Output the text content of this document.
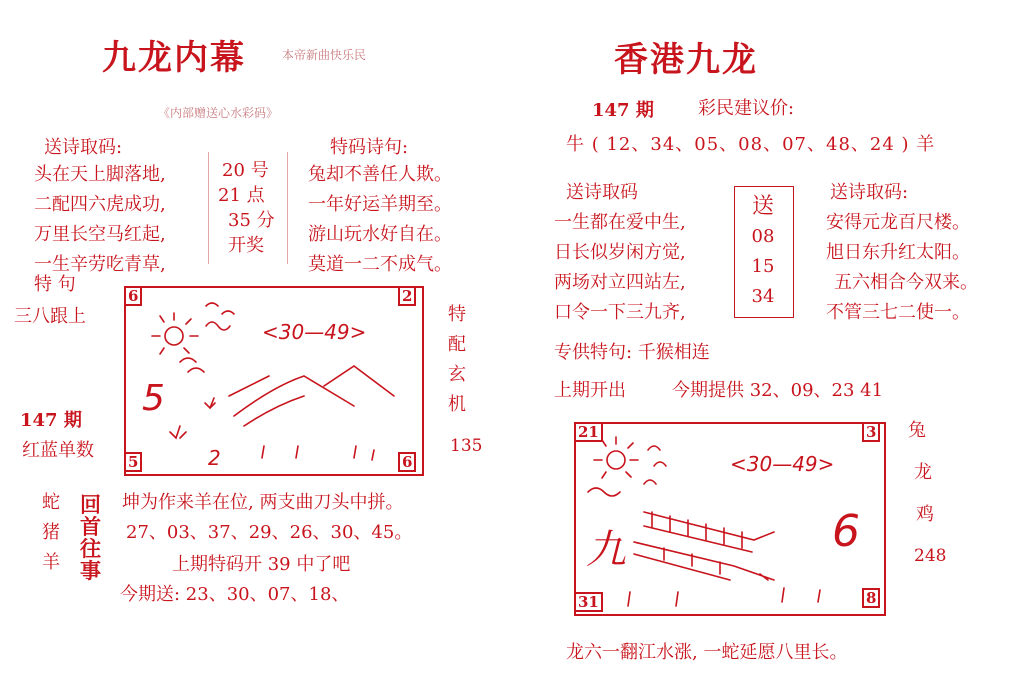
九龙内幕	本帝新曲快乐民
《内部赠送心水彩码》
送诗取码:
头在天上脚落地,
二配四六虎成功,
万里长空马红起,
一生辛劳吃青草,
20 号
21 点
35 分
开奖
特码诗句:
兔却不善任人欺。
一年好运羊期至。
游山玩水好自在。
莫道一二不成气。
特 句
三八跟上
147 期
红蓝单数
6	2
5	6
<30—49>
5
2
特
配
玄
机
135
蛇
猪
羊
回
首
往
事
坤为作来羊在位, 两支曲刀头中拼。
27、03、37、29、26、30、45。
上期特码开 39 中了吧
今期送: 23、30、07、18、
香港九龙
147 期 彩民建议价:
牛 ( 12、34、05、08、07、48、24 ) 羊
送诗取码
一生都在爱中生,
日长似岁闲方觉,
两场对立四站左,
口令一下三九齐,
送
08
15
34
送诗取码:
安得元龙百尺楼。
旭日东升红太阳。
五六相合今双来。
不管三七二使一。
专供特句: 千猴相连
上期开出	今期提供 32、09、23 41
21	3
31	8
<30—49>
九	6
兔
龙
鸡
248
龙六一翻江水涨, 一蛇延愿八里长。
